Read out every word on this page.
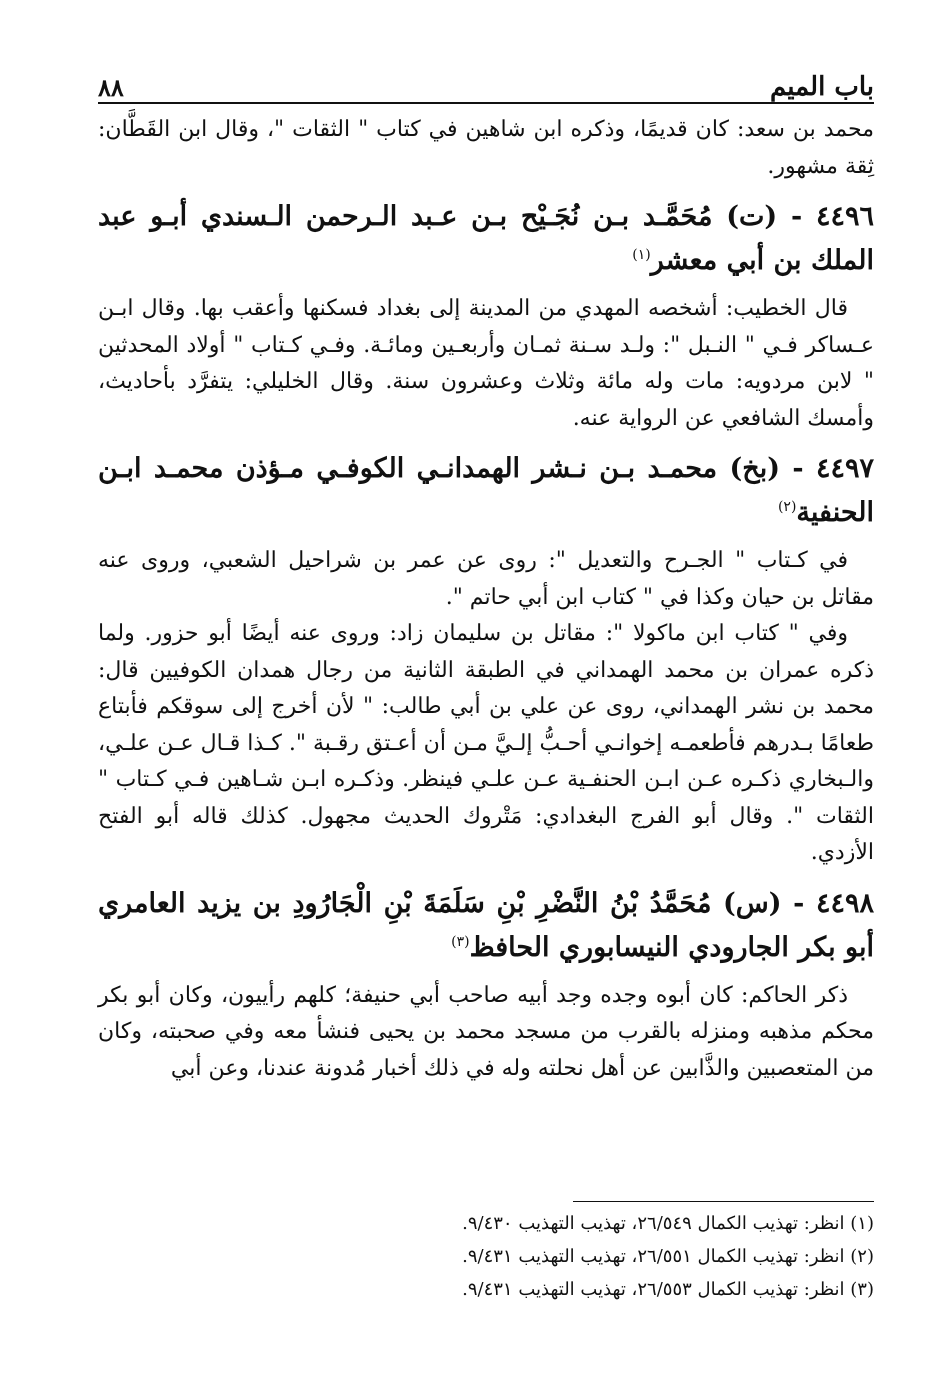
باب الميم
٨٨

محمد بن سعد: كان قديمًا، وذكره ابن شاهين في كتاب " الثقات "، وقال ابن القَطَّان: ثِقة مشهور.

٤٤٩٦ - (ت) مُحَمَّـد بـن نُجَـيْح بـن عـبد الـرحمن الـسندي أبـو عبد الملك بن أبي معشر$^{(١)}$

قال الخطيب: أشخصه المهدي من المدينة إلى بغداد فسكنها وأعقب بها. وقال ابـن عـساكر فـي " النـبل ": ولـد سـنة ثمـان وأربعـين ومائـة. وفـي كـتاب " أولاد المحدثين " لابن مردويه: مات وله مائة وثلاث وعشرون سنة. وقال الخليلي: يتفرَّد بأحاديث، وأمسك الشافعي عن الرواية عنه.

٤٤٩٧ - (بخ) محمـد بـن نـشر الهمدانـي الكوفـي مـؤذن محمـد ابـن الحنفية$^{(٢)}$

في كـتاب " الجـرح والتعديل ": روى عن عمر بن شراحيل الشعبي، وروى عنه مقاتل بن حيان وكذا في " كتاب ابن أبي حاتم ".

وفي " كتاب ابن ماكولا ": مقاتل بن سليمان زاد: وروى عنه أيضًا أبو حزور. ولما ذكره عمران بن محمد الهمداني في الطبقة الثانية من رجال همدان الكوفيين قال: محمد بن نشر الهمداني، روى عن علي بن أبي طالب: " لأن أخرج إلى سوقكم فأبتاع طعامًا بـدرهم فأطعمـه إخوانـي أحـبُّ إلـيَّ مـن أن أعـتق رقـبة ". كـذا قـال عـن علـي، والـبخاري ذكـره عـن ابـن الحنفـية عـن علـي فينظر. وذكـره ابـن شـاهين فـي كـتاب " الثقات ". وقال أبو الفرج البغدادي: مَتْروك الحديث مجهول. كذلك قاله أبو الفتح الأزدي.

٤٤٩٨ - (س) مُحَمَّدُ بْنُ النَّضْرِ بْنِ سَلَمَةَ بْنِ الْجَارُودِ بن يزيد العامري أبو بكر الجارودي النيسابوري الحافظ$^{(٣)}$

ذكر الحاكم: كان أبوه وجده وجد أبيه صاحب أبي حنيفة؛ كلهم رأييون، وكان أبو بكر محكم مذهبه ومنزله بالقرب من مسجد محمد بن يحيى فنشأ معه وفي صحبته، وكان من المتعصبين والذَّابين عن أهل نحلته وله في ذلك أخبار مُدونة عندنا، وعن أبي

(١) انظر: تهذيب الكمال ٢٦/٥٤٩، تهذيب التهذيب ٩/٤٣٠.
(٢) انظر: تهذيب الكمال ٢٦/٥٥١، تهذيب التهذيب ٩/٤٣١.
(٣) انظر: تهذيب الكمال ٢٦/٥٥٣، تهذيب التهذيب ٩/٤٣١.
